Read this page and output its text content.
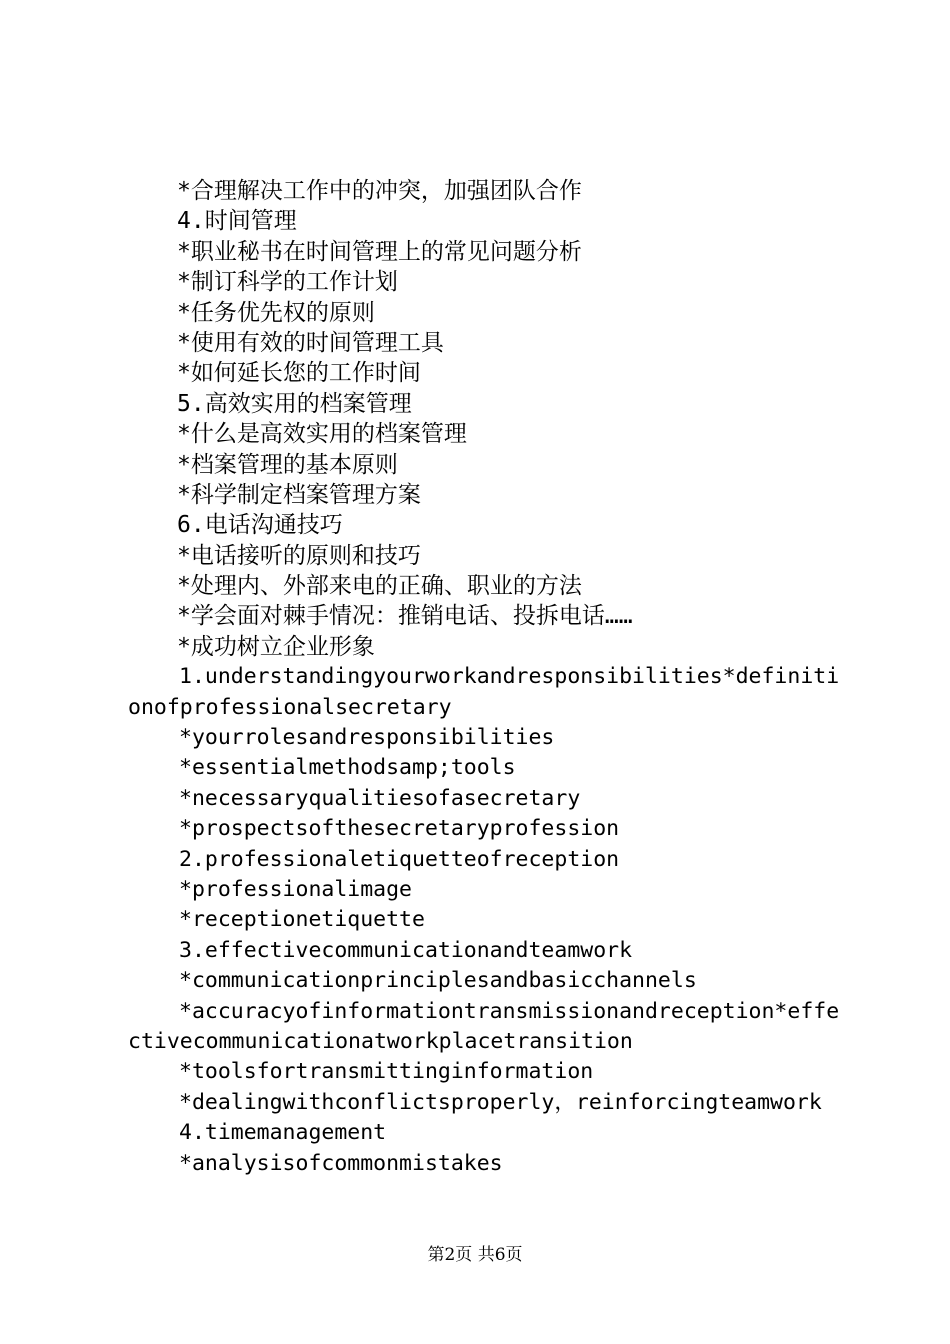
*合理解决工作中的冲突，加强团队合作
4.时间管理
*职业秘书在时间管理上的常见问题分析
*制订科学的工作计划
*任务优先权的原则
*使用有效的时间管理工具
*如何延长您的工作时间
5.高效实用的档案管理
*什么是高效实用的档案管理
*档案管理的基本原则
*科学制定档案管理方案
6.电话沟通技巧
*电话接听的原则和技巧
*处理内、外部来电的正确、职业的方法
*学会面对棘手情况：推销电话、投拆电话……
*成功树立企业形象
1.understandingyourworkandresponsibilities*definiti
onofprofessionalsecretary
*yourrolesandresponsibilities
*essentialmethodsamp;tools
*necessaryqualitiesofasecretary
*prospectsofthesecretaryprofession
2.professionaletiquetteofreception
*professionalimage
*receptionetiquette
3.effectivecommunicationandteamwork
*communicationprinciplesandbasicchannels
*accuracyofinformationtransmissionandreception*effe
ctivecommunicationatworkplacetransition
*toolsfortransmittinginformation
*dealingwithconflictsproperly，reinforcingteamwork
4.timemanagement
*analysisofcommonmistakes
第2页 共6页
